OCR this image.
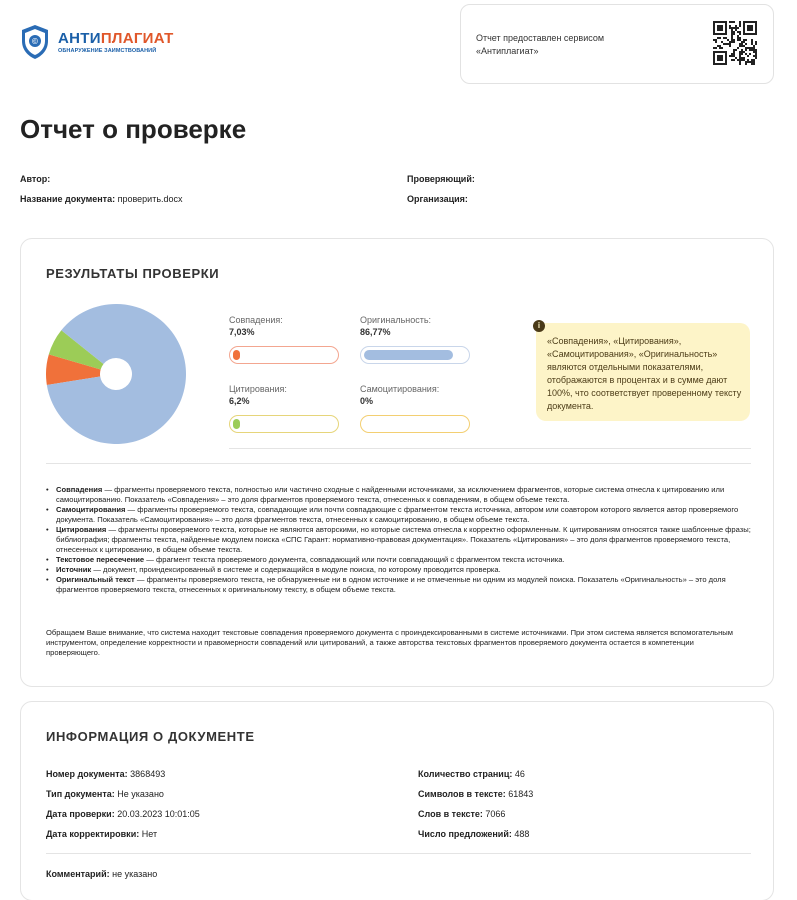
© АНТИПЛАГИАТ
ОБНАРУЖЕНИЕ ЗАИМСТВОВАНИЙ
Отчет предоставлен сервисом «Антиплагиат»
Отчет о проверке
Автор:
Название документа: проверить.docx
Проверяющий:
Организация:
РЕЗУЛЬТАТЫ ПРОВЕРКИ
Совпадения:
7,03%
Оригинальность:
86,77%
Цитирования:
6,2%
Самоцитирования:
0%
i
«Совпадения», «Цитирования», «Самоцитирования», «Оригинальность» являются отдельными показателями, отображаются в процентах и в сумме дают 100%, что соответствует проверенному тексту документа.
• Совпадения — фрагменты проверяемого текста, полностью или частично сходные с найденными источниками, за исключением фрагментов, которые система отнесла к цитированию или самоцитированию. Показатель «Совпадения» – это доля фрагментов проверяемого текста, отнесенных к совпадениям, в общем объеме текста.
• Самоцитирования — фрагменты проверяемого текста, совпадающие или почти совпадающие с фрагментом текста источника, автором или соавтором которого является автор проверяемого документа. Показатель «Самоцитирования» – это доля фрагментов текста, отнесенных к самоцитированию, в общем объеме текста.
• Цитирования — фрагменты проверяемого текста, которые не являются авторскими, но которые система отнесла к корректно оформленным. К цитированиям относятся также шаблонные фразы; библиография; фрагменты текста, найденные модулем поиска «СПС Гарант: нормативно-правовая документация». Показатель «Цитирования» – это доля фрагментов проверяемого текста, отнесенных к цитированию, в общем объеме текста.
• Текстовое пересечение — фрагмент текста проверяемого документа, совпадающий или почти совпадающий с фрагментом текста источника.
• Источник — документ, проиндексированный в системе и содержащийся в модуле поиска, по которому проводится проверка.
• Оригинальный текст — фрагменты проверяемого текста, не обнаруженные ни в одном источнике и не отмеченные ни одним из модулей поиска. Показатель «Оригинальность» – это доля фрагментов проверяемого текста, отнесенных к оригинальному тексту, в общем объеме текста.
Обращаем Ваше внимание, что система находит текстовые совпадения проверяемого документа с проиндексированными в системе источниками. При этом система является вспомогательным инструментом, определение корректности и правомерности совпадений или цитирований, а также авторства текстовых фрагментов проверяемого документа остается в компетенции проверяющего.
ИНФОРМАЦИЯ О ДОКУМЕНТЕ
Номер документа: 3868493
Тип документа: Не указано
Дата проверки: 20.03.2023 10:01:05
Дата корректировки: Нет
Количество страниц: 46
Символов в тексте: 61843
Слов в тексте: 7066
Число предложений: 488
Комментарий: не указано
